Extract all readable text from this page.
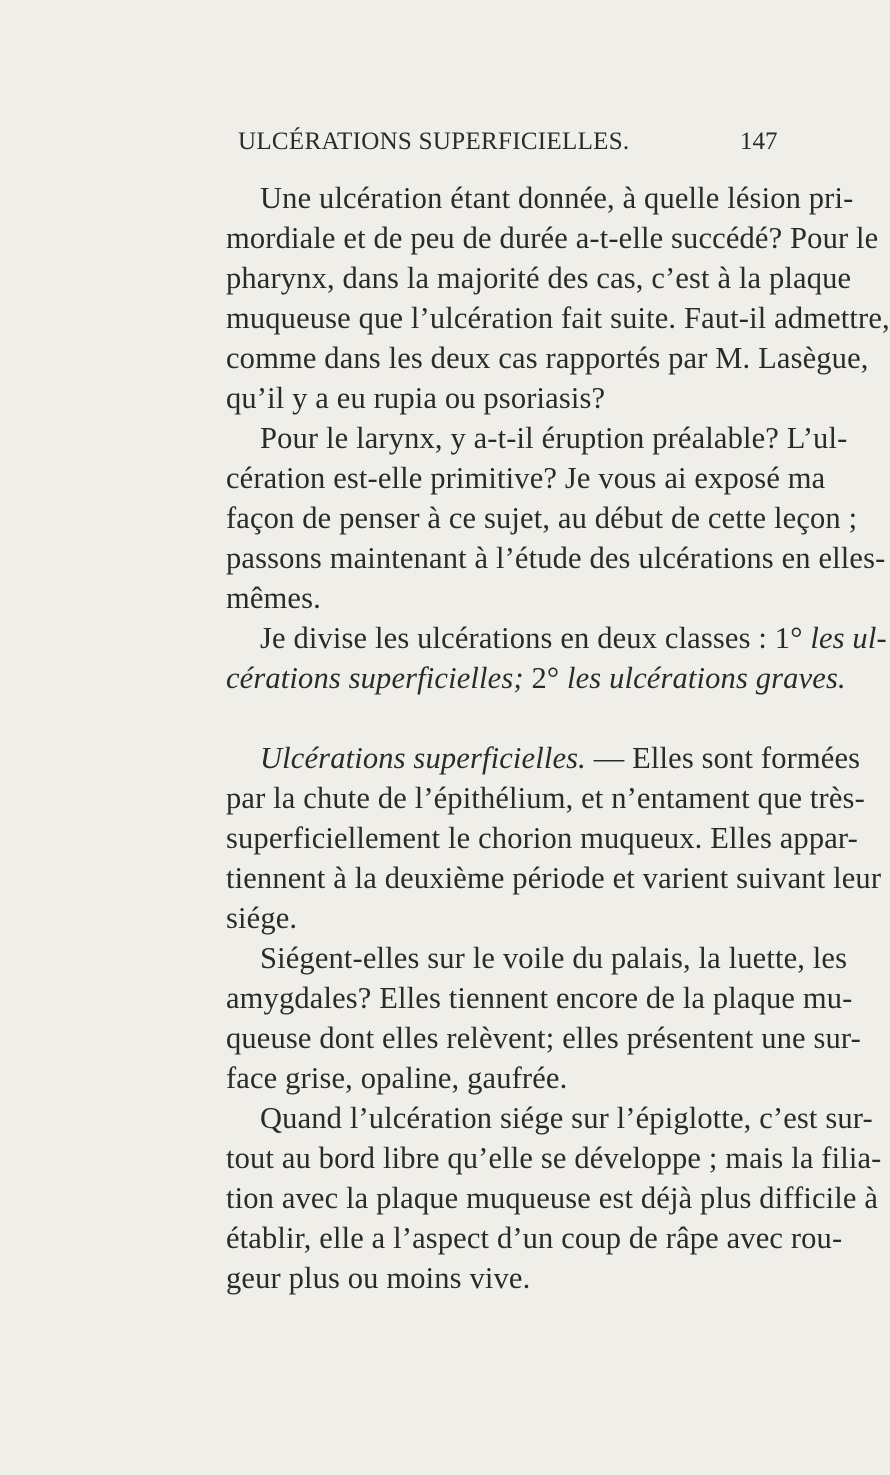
ULCÉRATIONS SUPERFICIELLES.	147
Une ulcération étant donnée, à quelle lésion pri-
mordiale et de peu de durée a-t-elle succédé? Pour le
pharynx, dans la majorité des cas, c’est à la plaque
muqueuse que l’ulcération fait suite. Faut-il admettre,
comme dans les deux cas rapportés par M. Lasègue,
qu’il y a eu rupia ou psoriasis?
Pour le larynx, y a-t-il éruption préalable? L’ul-
cération est-elle primitive? Je vous ai exposé ma
façon de penser à ce sujet, au début de cette leçon ;
passons maintenant à l’étude des ulcérations en elles-
mêmes.
Je divise les ulcérations en deux classes : 1° les ul-
cérations superficielles; 2° les ulcérations graves.
Ulcérations superficielles. — Elles sont formées
par la chute de l’épithélium, et n’entament que très-
superficiellement le chorion muqueux. Elles appar-
tiennent à la deuxième période et varient suivant leur
siége.
Siégent-elles sur le voile du palais, la luette, les
amygdales? Elles tiennent encore de la plaque mu-
queuse dont elles relèvent; elles présentent une sur-
face grise, opaline, gaufrée.
Quand l’ulcération siége sur l’épiglotte, c’est sur-
tout au bord libre qu’elle se développe ; mais la filia-
tion avec la plaque muqueuse est déjà plus difficile à
établir, elle a l’aspect d’un coup de râpe avec rou-
geur plus ou moins vive.
